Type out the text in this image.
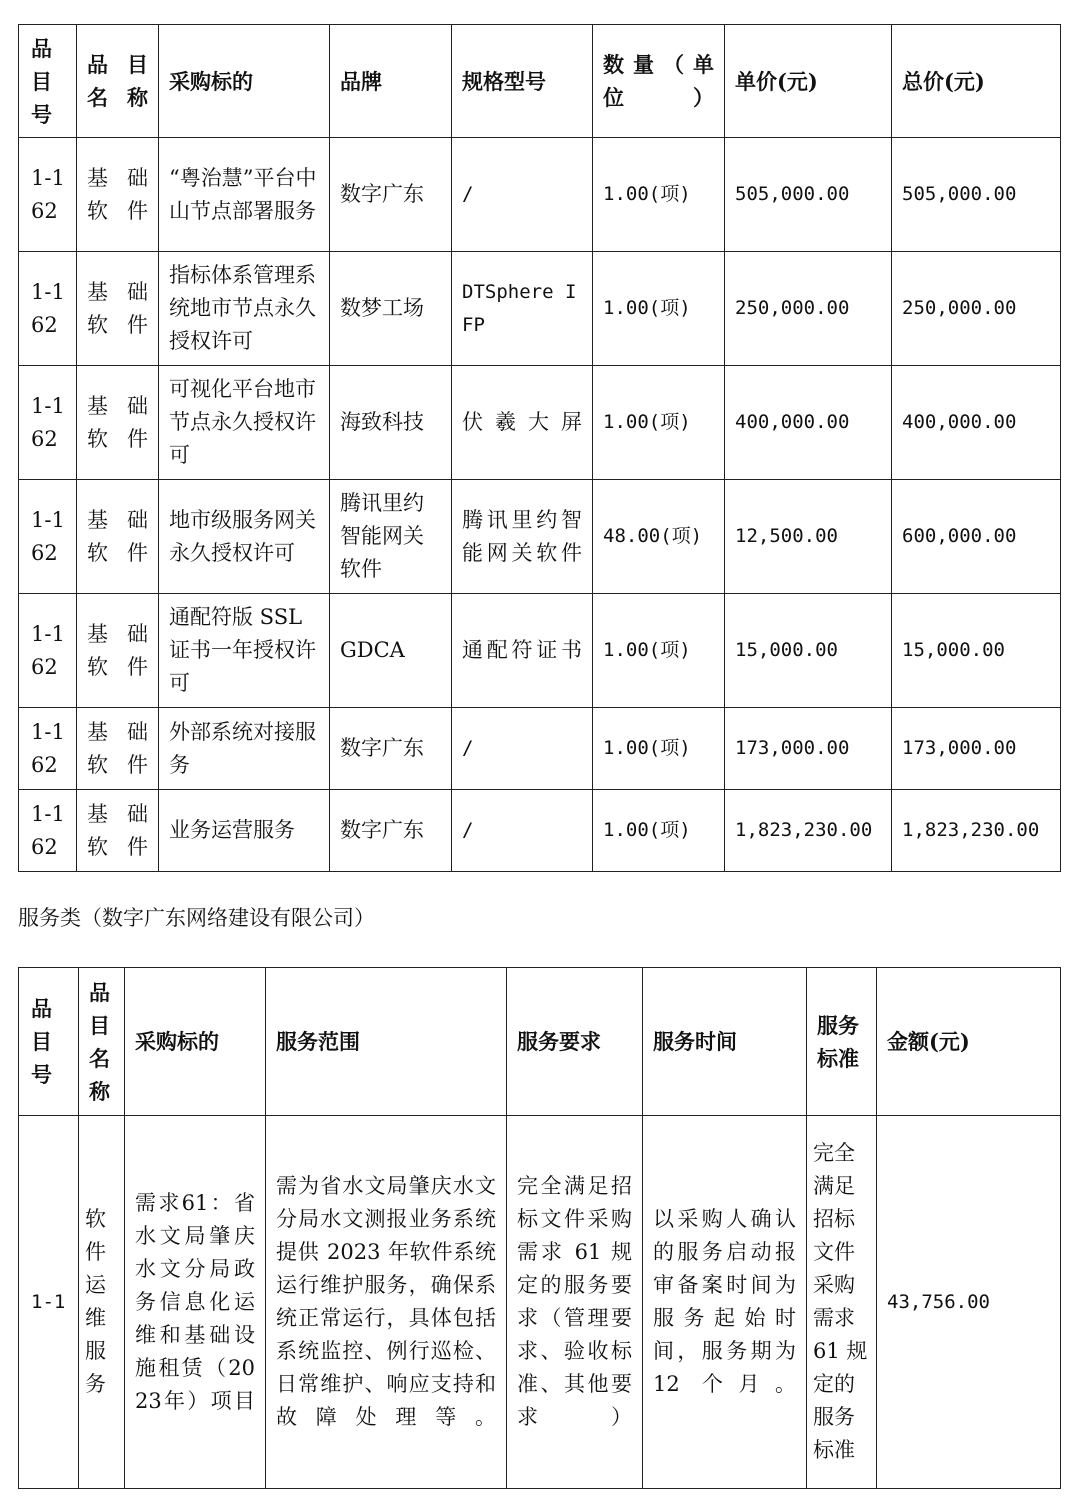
品目号	品目名称	采购标的	品牌	规格型号	数量（单位）	单价(元)	总价(元)
1-162	基础软件	“粤治慧”平台中山节点部署服务	数字广东	/	1.00(项)	505,000.00	505,000.00
1-162	基础软件	指标体系管理系统地市节点永久授权许可	数梦工场	DTSphere IFP	1.00(项)	250,000.00	250,000.00
1-162	基础软件	可视化平台地市节点永久授权许可	海致科技	伏羲大屏	1.00(项)	400,000.00	400,000.00
1-162	基础软件	地市级服务网关永久授权许可	腾讯里约智能网关软件	腾讯里约智能网关软件	48.00(项)	12,500.00	600,000.00
1-162	基础软件	通配符版 SSL 证书一年授权许可	GDCA	通配符证书	1.00(项)	15,000.00	15,000.00
1-162	基础软件	外部系统对接服务	数字广东	/	1.00(项)	173,000.00	173,000.00
1-162	基础软件	业务运营服务	数字广东	/	1.00(项)	1,823,230.00	1,823,230.00
服务类（数字广东网络建设有限公司）
品目号	品目名称	采购标的	服务范围	服务要求	服务时间	服务标准	金额(元)
1-1	软件运维服务	需求61：省水文局肇庆水文分局政务信息化运维和基础设施租赁（2023年）项目	需为省水文局肇庆水文分局水文测报业务系统提供 2023 年软件系统运行维护服务，确保系统正常运行，具体包括系统监控、例行巡检、日常维护、响应支持和故障处理等。	完全满足招标文件采购需求 61 规定的服务要求（管理要求、验收标准、其他要求）	以采购人确认的服务启动报审备案时间为服务起始时间，服务期为 12 个月。	完全满足招标文件采购需求 61 规定的服务标准	43,756.00
